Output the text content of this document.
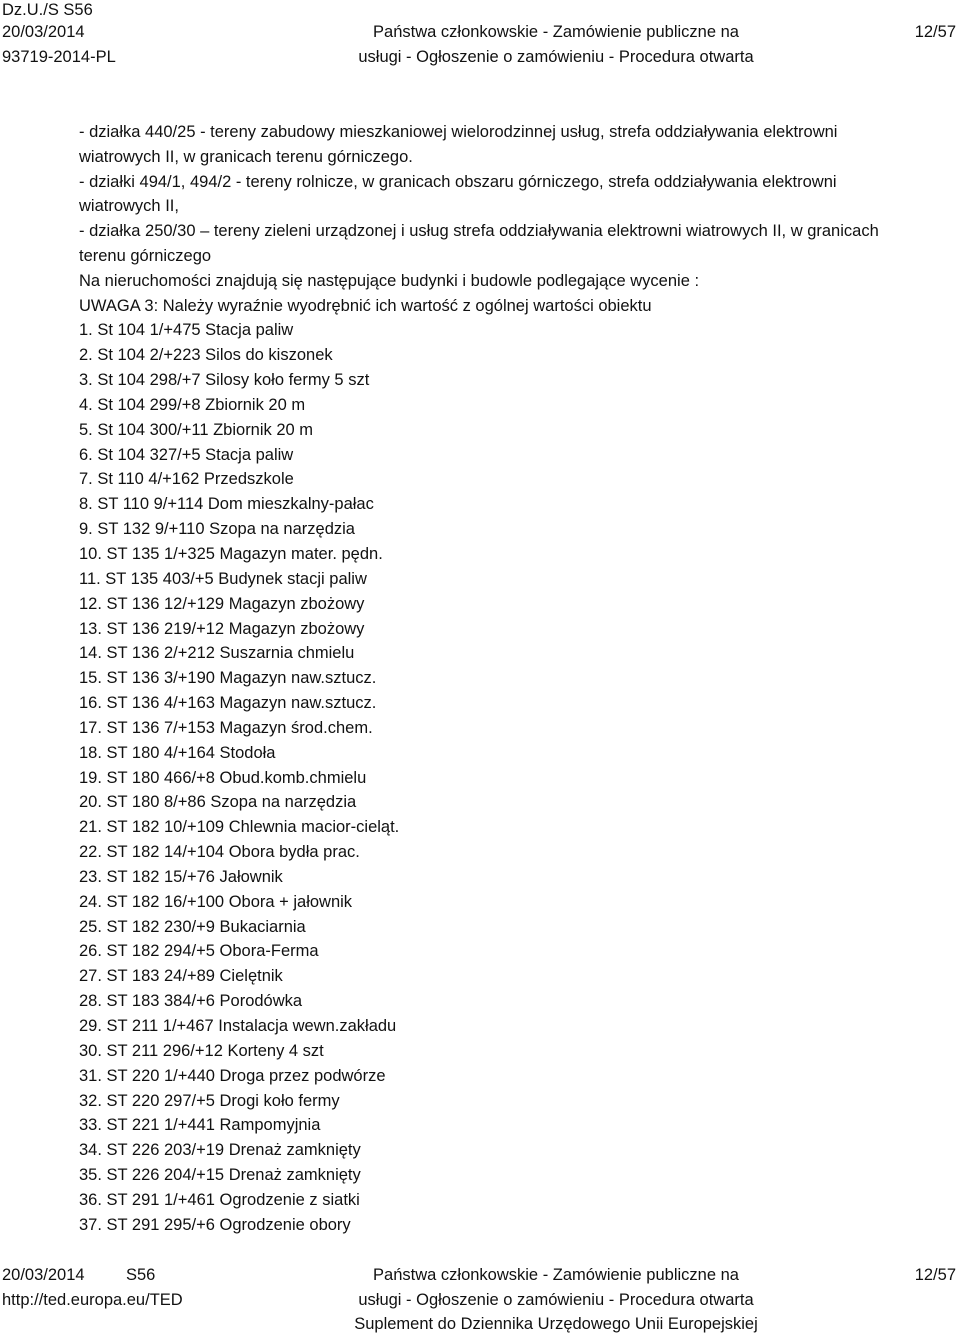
Dz.U./S S56
20/03/2014
93719-2014-PL
Państwa członkowskie - Zamówienie publiczne na
usługi - Ogłoszenie o zamówieniu - Procedura otwarta
12/57
- działka 440/25 - tereny zabudowy mieszkaniowej wielorodzinnej usług, strefa oddziaływania elektrowni
wiatrowych II, w granicach terenu górniczego.
- działki 494/1, 494/2 - tereny rolnicze, w granicach obszaru górniczego, strefa oddziaływania elektrowni
wiatrowych II,
- działka 250/30 – tereny zieleni urządzonej i usług strefa oddziaływania elektrowni wiatrowych II, w granicach
terenu górniczego
Na nieruchomości znajdują się następujące budynki i budowle podlegające wycenie :
UWAGA 3: Należy wyraźnie wyodrębnić ich wartość z ogólnej wartości obiektu
1. St 104 1/+475 Stacja paliw
2. St 104 2/+223 Silos do kiszonek
3. St 104 298/+7 Silosy koło fermy 5 szt
4. St 104 299/+8 Zbiornik 20 m
5. St 104 300/+11 Zbiornik 20 m
6. St 104 327/+5 Stacja paliw
7. St 110 4/+162 Przedszkole
8. ST 110 9/+114 Dom mieszkalny-pałac
9. ST 132 9/+110 Szopa na narzędzia
10. ST 135 1/+325 Magazyn mater. pędn.
11. ST 135 403/+5 Budynek stacji paliw
12. ST 136 12/+129 Magazyn zbożowy
13. ST 136 219/+12 Magazyn zbożowy
14. ST 136 2/+212 Suszarnia chmielu
15. ST 136 3/+190 Magazyn naw.sztucz.
16. ST 136 4/+163 Magazyn naw.sztucz.
17. ST 136 7/+153 Magazyn środ.chem.
18. ST 180 4/+164 Stodoła
19. ST 180 466/+8 Obud.komb.chmielu
20. ST 180 8/+86 Szopa na narzędzia
21. ST 182 10/+109 Chlewnia macior-cieląt.
22. ST 182 14/+104 Obora bydła prac.
23. ST 182 15/+76 Jałownik
24. ST 182 16/+100 Obora + jałownik
25. ST 182 230/+9 Bukaciarnia
26. ST 182 294/+5 Obora-Ferma
27. ST 183 24/+89 Cielętnik
28. ST 183 384/+6 Porodówka
29. ST 211 1/+467 Instalacja wewn.zakładu
30. ST 211 296/+12 Korteny 4 szt
31. ST 220 1/+440 Droga przez podwórze
32. ST 220 297/+5 Drogi koło fermy
33. ST 221 1/+441 Rampomyjnia
34. ST 226 203/+19 Drenaż zamknięty
35. ST 226 204/+15 Drenaż zamknięty
36. ST 291 1/+461 Ogrodzenie z siatki
37. ST 291 295/+6 Ogrodzenie obory
20/03/2014	S56
http://ted.europa.eu/TED
Państwa członkowskie - Zamówienie publiczne na
usługi - Ogłoszenie o zamówieniu - Procedura otwarta
Suplement do Dziennika Urzędowego Unii Europejskiej
12/57
